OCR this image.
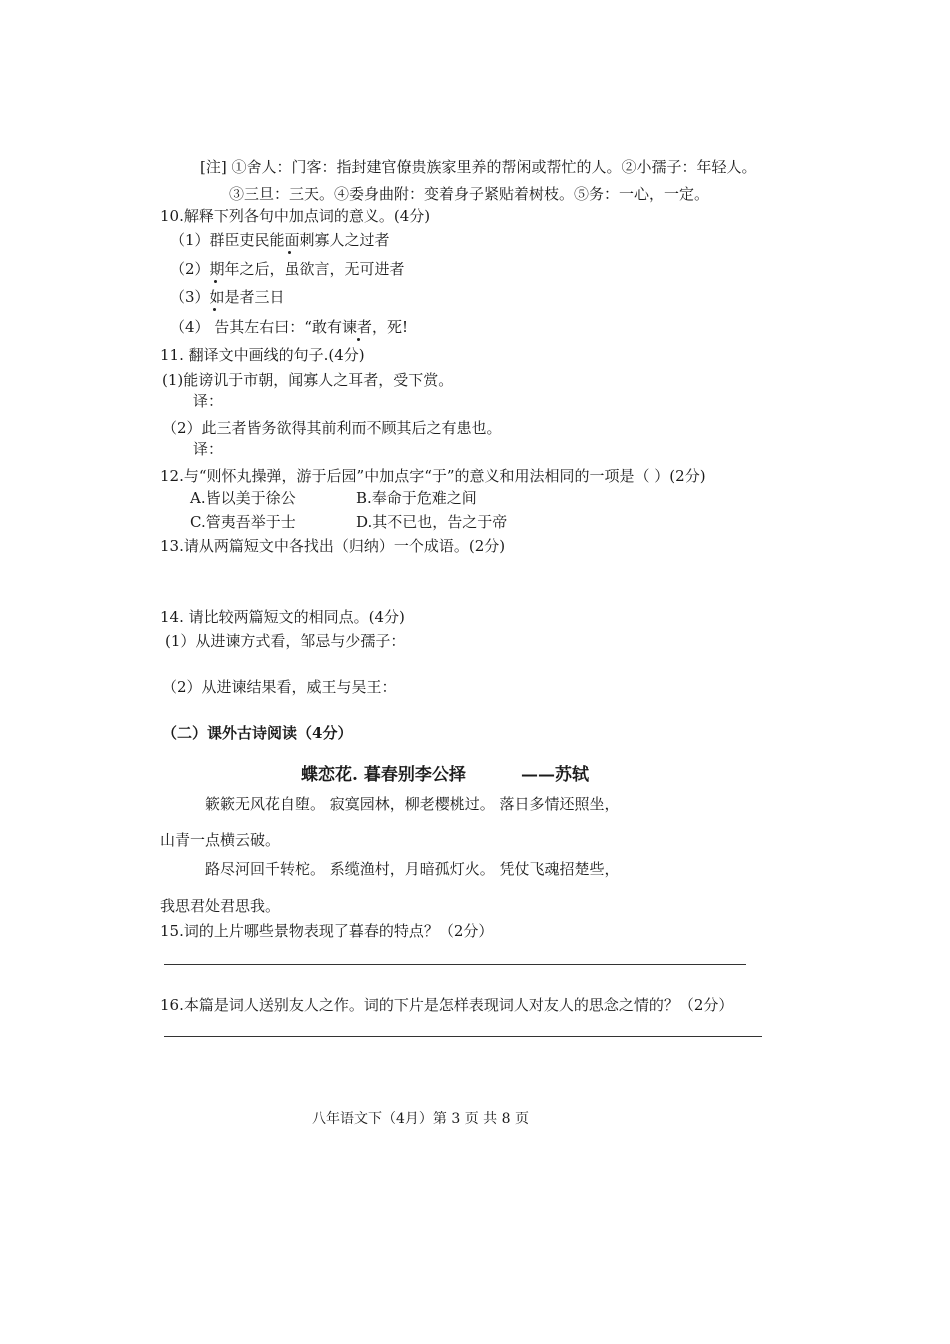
[注] ①舍人：门客：指封建官僚贵族家里养的帮闲或帮忙的人。②小孺子：年轻人。
③三旦：三天。④委身曲附：变着身子紧贴着树枝。⑤务：一心，一定。
10.解释下列各句中加点词的意义。(4分)
（1）群臣吏民能面刺寡人之过者
（2）期年之后，虽欲言，无可进者
（3）如是者三日
（4） 告其左右曰：“敢有谏者，死!
11. 翻译文中画线的句子.(4分)
(1)能谤讥于市朝，闻寡人之耳者，受下赏。
译：
（2）此三者皆务欲得其前利而不顾其后之有患也。
译：
12.与“则怀丸操弹，游于后园”中加点字“于”的意义和用法相同的一项是（ ）(2分)
A.皆以美于徐公	B.奉命于危难之间
C.管夷吾举于士	D.其不已也，告之于帝
13.请从两篇短文中各找出（归纳）一个成语。(2分)
14. 请比较两篇短文的相同点。(4分)
(1）从进谏方式看，邹忌与少孺子：
（2）从进谏结果看，威王与吴王：
（二）课外古诗阅读（4分）
蝶恋花. 暮春别李公择	——苏轼
簌簌无风花自堕。 寂寞园林，柳老樱桃过。 落日多情还照坐，
山青一点横云破。
路尽河回千转柁。 系缆渔村，月暗孤灯火。 凭仗飞魂招楚些，
我思君处君思我。
15.词的上片哪些景物表现了暮春的特点？（2分）
16.本篇是词人送别友人之作。词的下片是怎样表现词人对友人的思念之情的？（2分）
八年语文下（4月）第 3 页 共 8 页
